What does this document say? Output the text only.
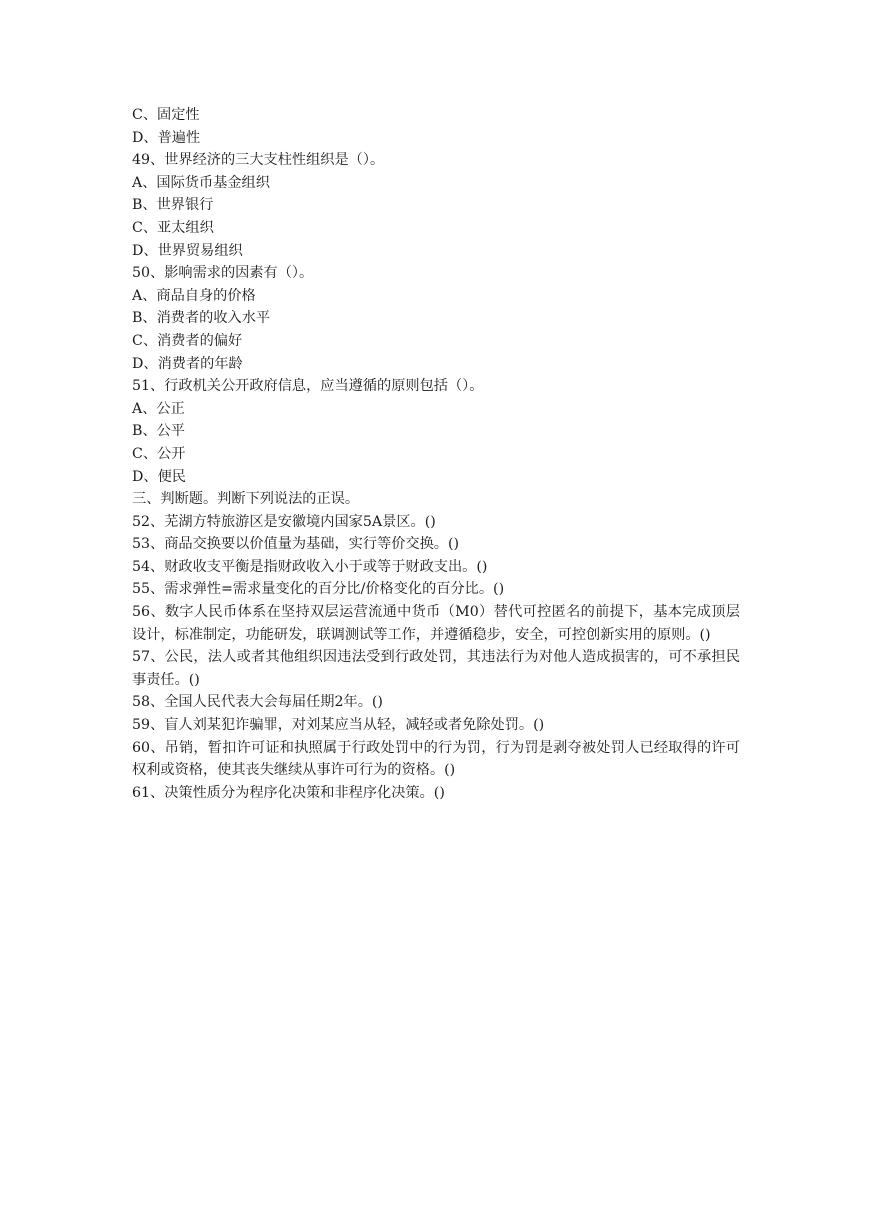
C、固定性
D、普遍性
49、世界经济的三大支柱性组织是（）。
A、国际货币基金组织
B、世界银行
C、亚太组织
D、世界贸易组织
50、影响需求的因素有（）。
A、商品自身的价格
B、消费者的收入水平
C、消费者的偏好
D、消费者的年龄
51、行政机关公开政府信息，应当遵循的原则包括（）。
A、公正
B、公平
C、公开
D、便民
三、判断题。判断下列说法的正误。
52、芜湖方特旅游区是安徽境内国家5A景区。()
53、商品交换要以价值量为基础，实行等价交换。()
54、财政收支平衡是指财政收入小于或等于财政支出。()
55、需求弹性=需求量变化的百分比/价格变化的百分比。()
56、数字人民币体系在坚持双层运营流通中货币（M0）替代可控匿名的前提下，基本完成顶层设计，标准制定，功能研发，联调测试等工作，并遵循稳步，安全，可控创新实用的原则。()
57、公民，法人或者其他组织因违法受到行政处罚，其违法行为对他人造成损害的，可不承担民事责任。()
58、全国人民代表大会每届任期2年。()
59、盲人刘某犯诈骗罪，对刘某应当从轻，减轻或者免除处罚。()
60、吊销，暂扣许可证和执照属于行政处罚中的行为罚，行为罚是剥夺被处罚人已经取得的许可权利或资格，使其丧失继续从事许可行为的资格。()
61、决策性质分为程序化决策和非程序化决策。()
